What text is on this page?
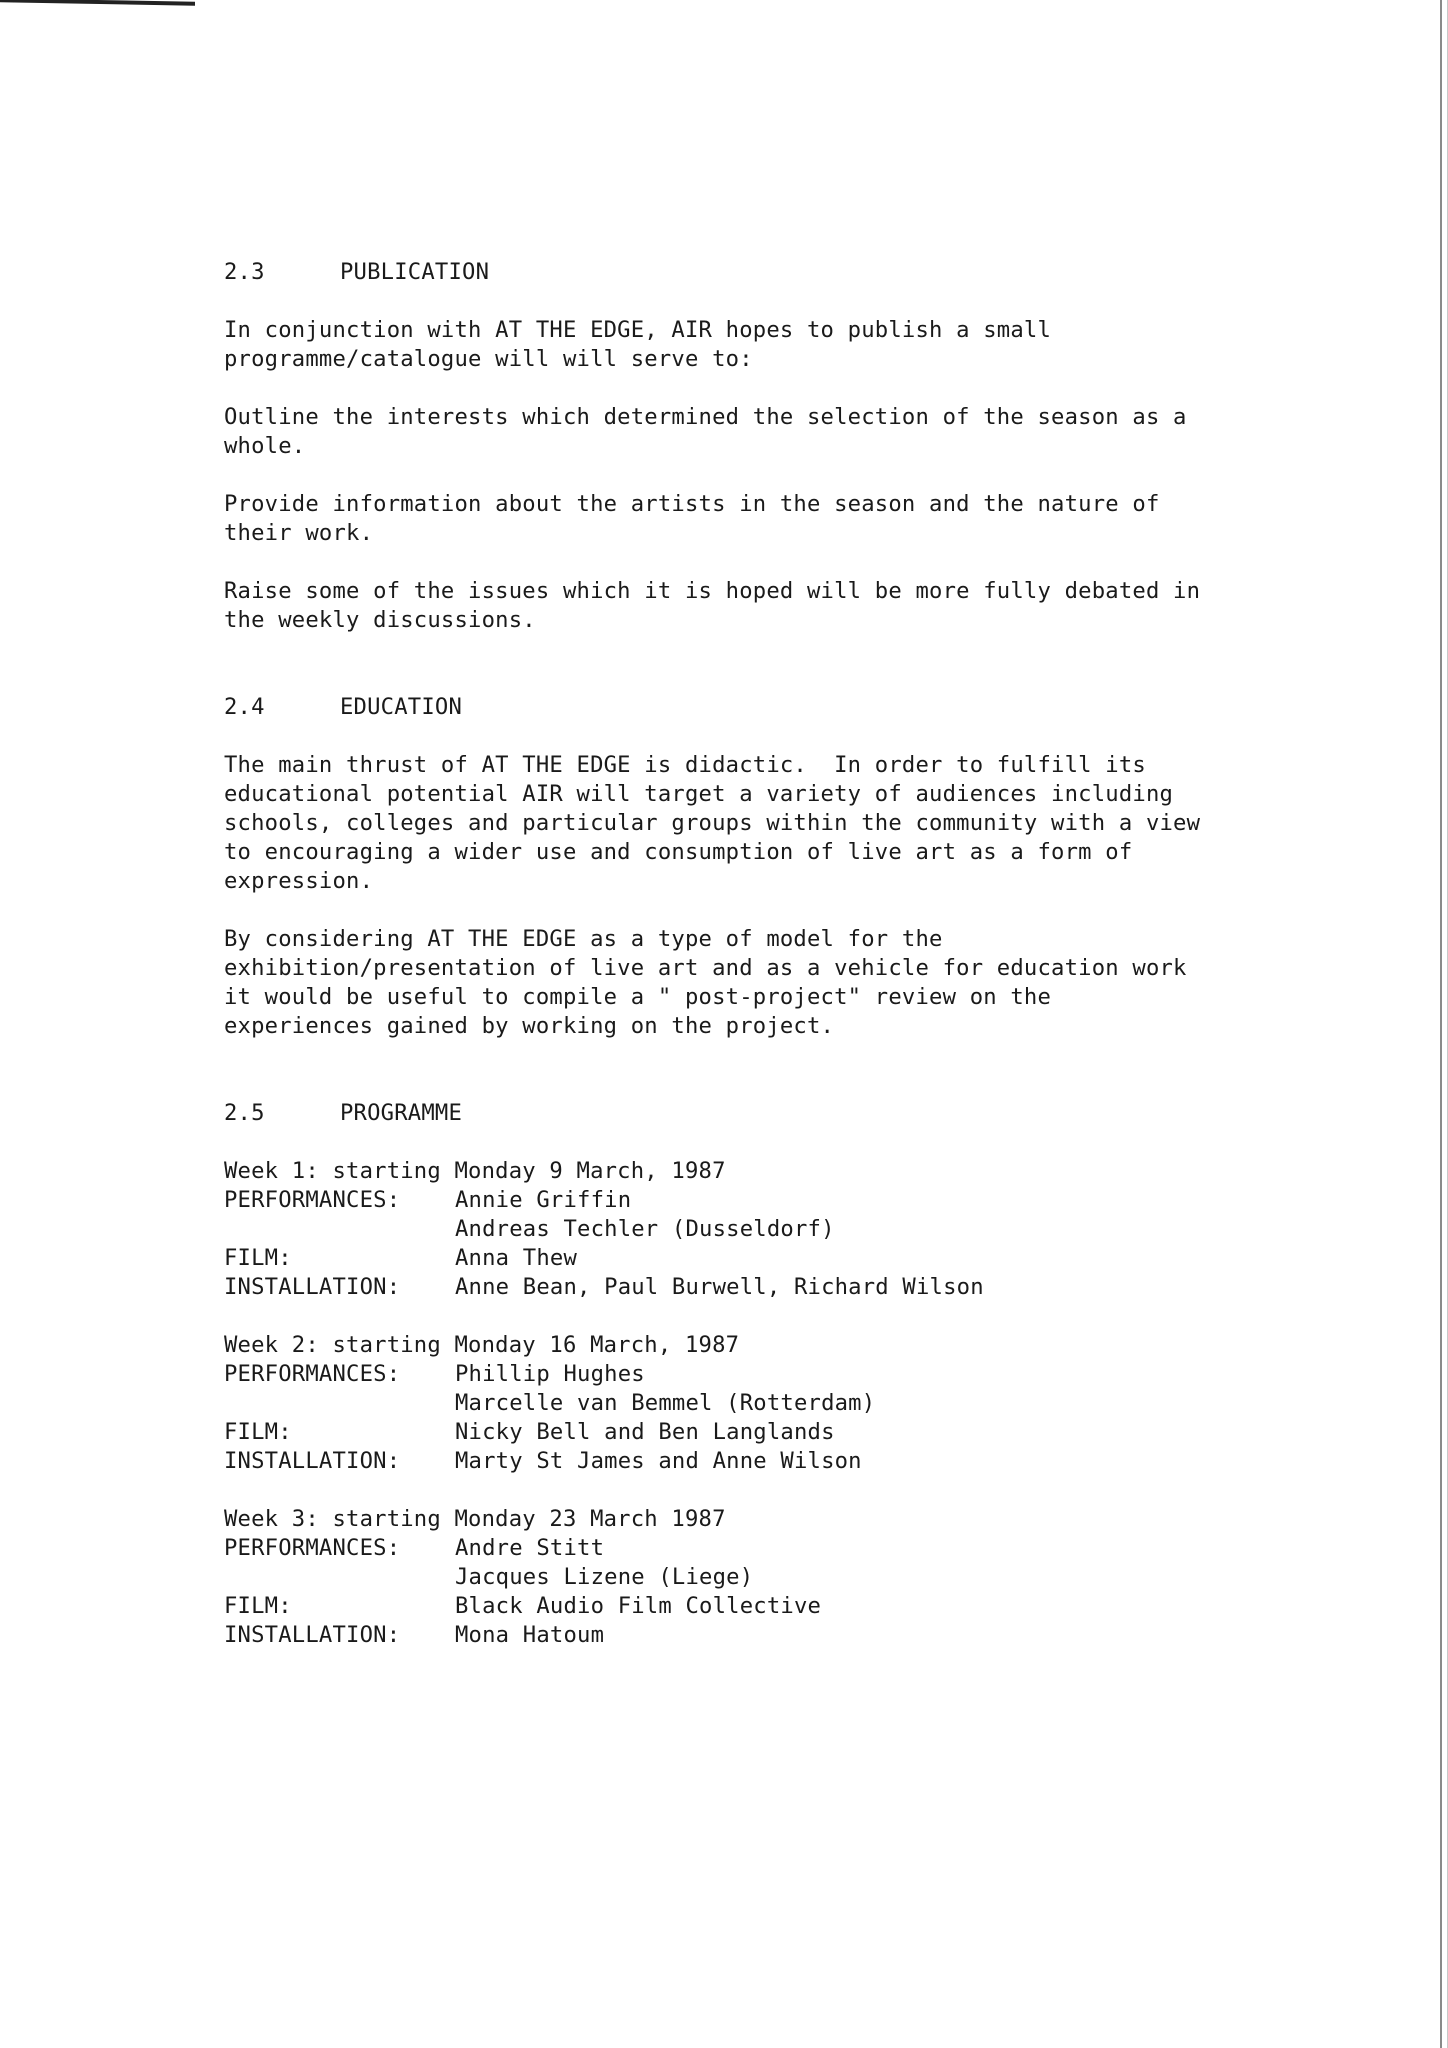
2.3	PUBLICATION

In conjunction with AT THE EDGE, AIR hopes to publish a small
programme/catalogue will will serve to:

Outline the interests which determined the selection of the season as a
whole.

Provide information about the artists in the season and the nature of
their work.

Raise some of the issues which it is hoped will be more fully debated in
the weekly discussions.

2.4	EDUCATION

The main thrust of AT THE EDGE is didactic.  In order to fulfill its
educational potential AIR will target a variety of audiences including
schools, colleges and particular groups within the community with a view
to encouraging a wider use and consumption of live art as a form of
expression.

By considering AT THE EDGE as a type of model for the
exhibition/presentation of live art and as a vehicle for education work
it would be useful to compile a " post-project" review on the
experiences gained by working on the project.

2.5	PROGRAMME

Week 1: starting Monday 9 March, 1987
PERFORMANCES:	Annie Griffin
Andreas Techler (Dusseldorf)
FILM:	Anna Thew
INSTALLATION:	Anne Bean, Paul Burwell, Richard Wilson
Week 2: starting Monday 16 March, 1987
PERFORMANCES:	Phillip Hughes
Marcelle van Bemmel (Rotterdam)
FILM:	Nicky Bell and Ben Langlands
INSTALLATION:	Marty St James and Anne Wilson
Week 3: starting Monday 23 March 1987
PERFORMANCES:	Andre Stitt
Jacques Lizene (Liege)
FILM:	Black Audio Film Collective
INSTALLATION:	Mona Hatoum
